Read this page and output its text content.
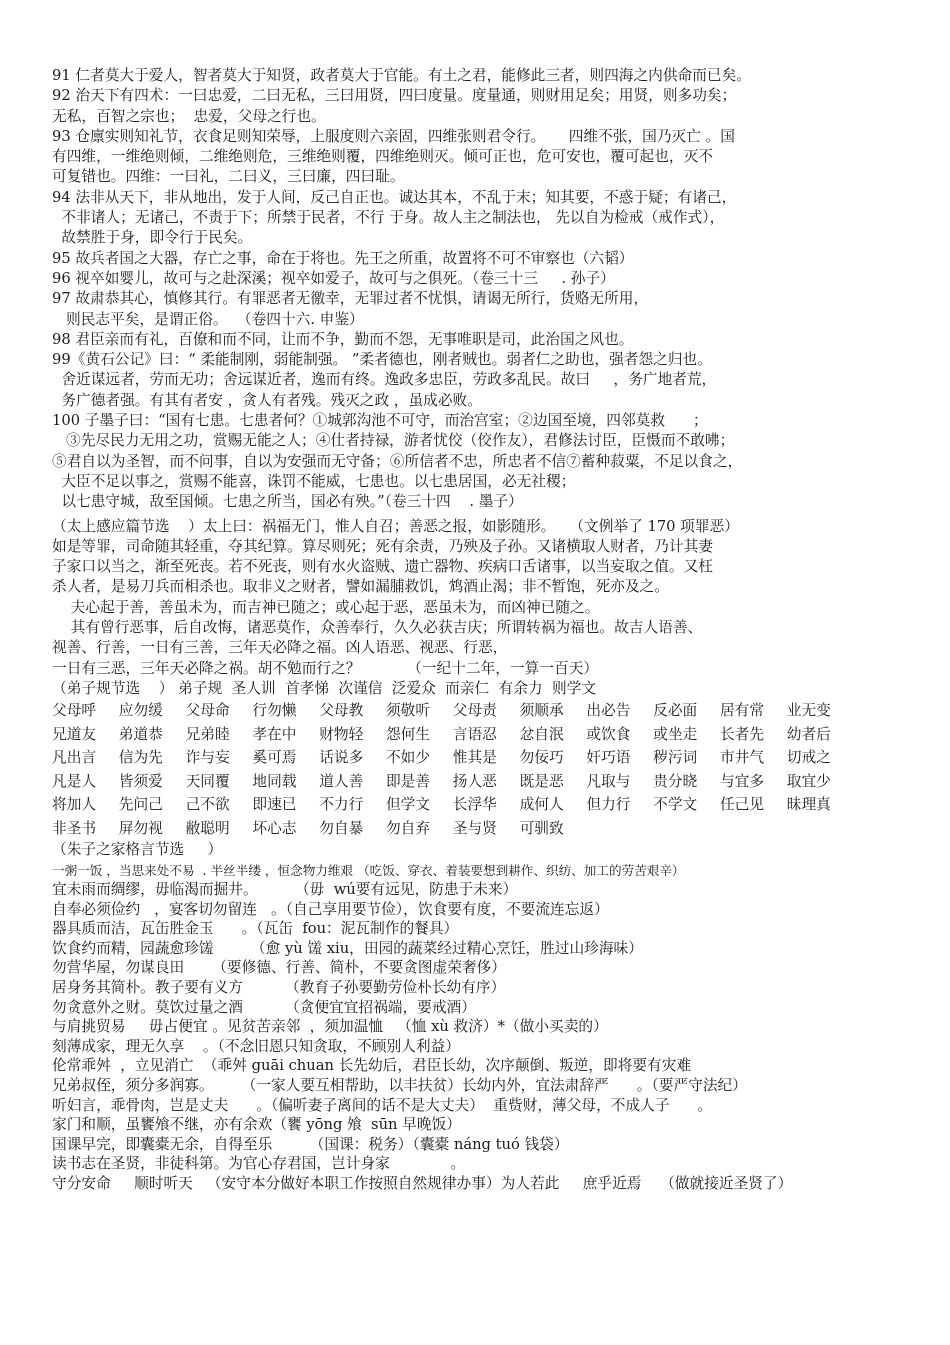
91 仁者莫大于爱人，智者莫大于知贤，政者莫大于官能。有土之君，能修此三者，则四海之内供命而已矣。
92 治天下有四术：一曰忠爱，二曰无私，三曰用贤，四曰度量。度量通，则财用足矣；用贤，则多功矣；
无私，百智之宗也；  忠爱，父母之行也。
93 仓廪实则知礼节，衣食足则知荣辱，上服度则六亲固，四维张则君令行。     四维不张，国乃灭亡 。国
有四维，一维绝则倾，二维绝则危，三维绝则覆，四维绝则灭。倾可正也，危可安也，覆可起也，灭不
可复错也。四维：一曰礼，二曰义，三曰廉，四曰耻。
94 法非从天下，非从地出，发于人间，反己自正也。诚达其本，不乱于末；知其要，不惑于疑；有诸己，
不非诸人；无诸己，不责于下；所禁于民者，不行 于身。故人主之制法也， 先以自为检戒（戒作式），
故禁胜于身，即令行于民矣。
95 故兵者国之大器，存亡之事，命在于将也。先王之所重，故置将不可不审察也（六韬）
96 视卒如婴儿，故可与之赴深溪；视卒如爱子，故可与之俱死。（卷三十三     . 孙子）
97 故肃恭其心，慎修其行。有罪恶者无徼幸，无罪过者不忧惧，请谒无所行，货赂无所用，
则民志平矣，是谓正俗。  （卷四十六. 申鉴）
98 君臣亲而有礼，百僚和而不同，让而不争，勤而不怨，无事唯职是司，此治国之风也。
99《黄石公记》曰：“ 柔能制刚，弱能制强。 ”柔者德也，刚者贼也。弱者仁之助也，强者怨之归也。
舍近谋远者，劳而无功；舍远谋近者，逸而有终。逸政多忠臣，劳政多乱民。故曰     ，务广地者荒，
务广德者强。有其有者安 ，贪人有者残。残灭之政 ，虽成必败。
100 子墨子曰：“国有七患。七患者何？①城郭沟池不可守，而治宫室；②边国至境，四邻莫救      ；
③先尽民力无用之功，赏赐无能之人；④仕者持禄，游者忧佼（佼作友），君修法讨臣，臣慑而不敢咈；
⑤君自以为圣智，而不问事，自以为安强而无守备；⑥所信者不忠，所忠者不信⑦蓄种菽粟，不足以食之，
大臣不足以事之，赏赐不能喜，诛罚不能威，七患也。以七患居国，必无社稷；
以七患守城，敌至国倾。七患之所当，国必有殃。”（卷三十四    . 墨子）
（太上感应篇节选    ）太上曰：祸福无门，惟人自召；善恶之报，如影随形。   （文例举了 170 项罪恶）
如是等罪，司命随其轻重，夺其纪算。算尽则死；死有余责，乃殃及子孙。又诸横取人财者，乃计其妻
子家口以当之，渐至死丧。若不死丧，则有水火盗贼、遗亡器物、疾病口舌诸事，以当妄取之值。又枉
杀人者，是易刀兵而相杀也。取非义之财者，譬如漏脯救饥，鸩酒止渴；非不暂饱，死亦及之。
夫心起于善，善虽未为，而吉神已随之；或心起于恶，恶虽未为，而凶神已随之。
其有曾行恶事，后自改悔，诸恶莫作，众善奉行，久久必获吉庆；所谓转祸为福也。故吉人语善、
视善、行善，一日有三善，三年天必降之福。凶人语恶、视恶、行恶，
一日有三恶，三年天必降之祸。胡不勉而行之？          （一纪十二年，一算一百天）
（弟子规节选    ） 弟子规  圣人训  首孝悌  次谨信  泛爱众  而亲仁  有余力  则学文
父母呼	应勿缓	父母命	行勿懒	父母教	须敬听	父母责	须顺承	出必告	反必面	居有常	业无变
兄道友	弟道恭	兄弟睦	孝在中	财物轻	怨何生	言语忍	忿自泯	或饮食	或坐走	长者先	幼者后
凡出言	信为先	诈与妄	奚可焉	话说多	不如少	惟其是	勿佞巧	奸巧语	秽污词	市井气	切戒之
凡是人	皆须爱	天同覆	地同载	道人善	即是善	扬人恶	既是恶	凡取与	贵分晓	与宜多	取宜少
将加人	先问己	己不欲	即速已	不力行	但学文	长浮华	成何人	但力行	不学文	任己见	昧理真
非圣书	屏勿视	敝聪明	坏心志	勿自暴	勿自弃	圣与贤	可驯致
（朱子之家格言节选     ）
一粥一饭 ，当思来处不易  . 半丝半缕 ，恒念物力维艰 （吃饭、穿衣、着装要想到耕作、织纺、加工的劳苦艰辛）
宜未雨而绸缪，毋临渴而掘井。        （毋  wú要有远见，防患于未来）
自奉必须俭约   ，宴客切勿留连   。（自己享用要节俭），饮食要有度，不要流连忘返）
器具质而洁，瓦缶胜金玉      。（瓦缶  fou：泥瓦制作的餐具）
饮食约而精，园蔬愈珍馐        （愈 yù 馐 xiu，田园的蔬菜经过精心烹饪，胜过山珍海味）
勿营华屋，勿谋良田      （要修德、行善、简朴，不要贪图虚荣奢侈）
居身务其简朴。教子要有义方         （教育子孙要勤劳俭朴长幼有序）
勿贪意外之财。莫饮过量之酒         （贪便宜宜招祸端，要戒酒）
与肩挑贸易     毋占便宜 。见贫苦亲邻  ，须加温恤   （恤 xù 救济）*（做小买卖的）
刻薄成家，理无久享    。（不念旧恩只知贪取，不顾别人利益）
伦常乖舛  ，立见消亡  （乖舛 guāi chuan 长先幼后，君臣长幼，次序颠倒、叛逆，即将要有灾难
兄弟叔侄，须分多润寡。      （一家人要互相帮助，以丰扶贫）长幼内外，宜法肃辞严      。（要严守法纪）
听妇言，乖骨肉，岂是丈夫      。（偏听妻子离间的话不是大丈夫）  重赀财，薄父母，不成人子      。
家门和顺，虽饔飧不继，亦有余欢（饔 yōng 飧  sūn 早晚饭）
国课早完，即囊橐无余，自得至乐        （国课：税务）（囊橐 náng tuó 钱袋）
读书志在圣贤，非徒科第。为官心存君国，岂计身家             。
守分安命     顺时听天   （安守本分做好本职工作按照自然规律办事）为人若此     庶乎近焉    （做就接近圣贤了）
